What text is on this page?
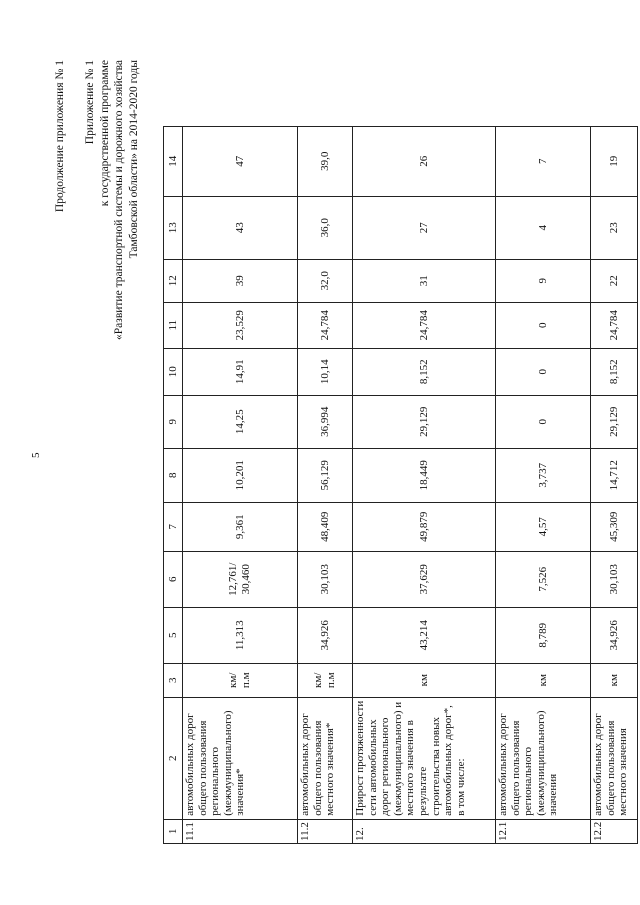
5
Продолжение приложения № 1 Приложение № 1 к государственной программе «Развитие транспортной системы и дорожного хозяйства Тамбовской области» на 2014-2020 годы
1	2	3	5	6	7	8	9	10	11	12	13	14
11.1	автомобильных дорог общего пользования регионального (межмуниципального) значения*	км/ п.м	11,313	12,761/ 30,460	9,361	10,201	14,25	14,91	23,529	39	43	47
11.2	автомобильных дорог общего пользования местного значения*	км/ п.м	34,926	30,103	48,409	56,129	36,994	10,14	24,784	32,0	36,0	39,0
12.	Прирост протяженности сети автомобильных дорог регионального (межмуниципального) и местного значения в результате строительства новых автомобильных дорог*, в том числе:	км	43,214	37,629	49,879	18,449	29,129	8,152	24,784	31	27	26
12.1	автомобильных дорог общего пользования регионального (межмуниципального) значения	км	8,789	7,526	4,57	3,737	0	0	0	9	4	7
12.2	автомобильных дорог общего пользования местного значения	км	34,926	30,103	45,309	14,712	29,129	8,152	24,784	22	23	19
